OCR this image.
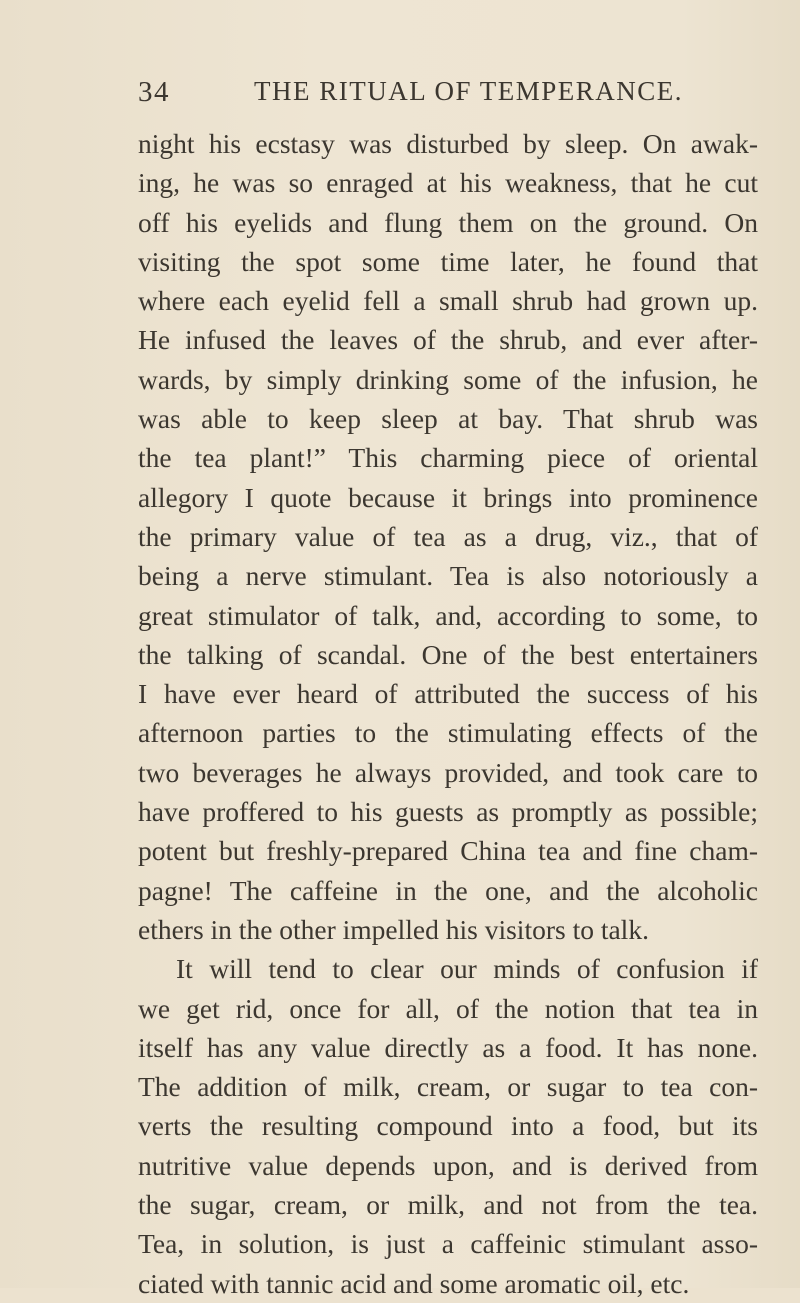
34	THE RITUAL OF TEMPERANCE.
night his ecstasy was disturbed by sleep. On awak-
ing, he was so enraged at his weakness, that he cut
off his eyelids and flung them on the ground. On
visiting the spot some time later, he found that
where each eyelid fell a small shrub had grown up.
He infused the leaves of the shrub, and ever after-
wards, by simply drinking some of the infusion, he
was able to keep sleep at bay. That shrub was
the tea plant!” This charming piece of oriental
allegory I quote because it brings into prominence
the primary value of tea as a drug, viz., that of
being a nerve stimulant. Tea is also notoriously a
great stimulator of talk, and, according to some, to
the talking of scandal. One of the best entertainers
I have ever heard of attributed the success of his
afternoon parties to the stimulating effects of the
two beverages he always provided, and took care to
have proffered to his guests as promptly as possible;
potent but freshly-prepared China tea and fine cham-
pagne! The caffeine in the one, and the alcoholic
ethers in the other impelled his visitors to talk.
It will tend to clear our minds of confusion if
we get rid, once for all, of the notion that tea in
itself has any value directly as a food. It has none.
The addition of milk, cream, or sugar to tea con-
verts the resulting compound into a food, but its
nutritive value depends upon, and is derived from
the sugar, cream, or milk, and not from the tea.
Tea, in solution, is just a caffeinic stimulant asso-
ciated with tannic acid and some aromatic oil, etc.
